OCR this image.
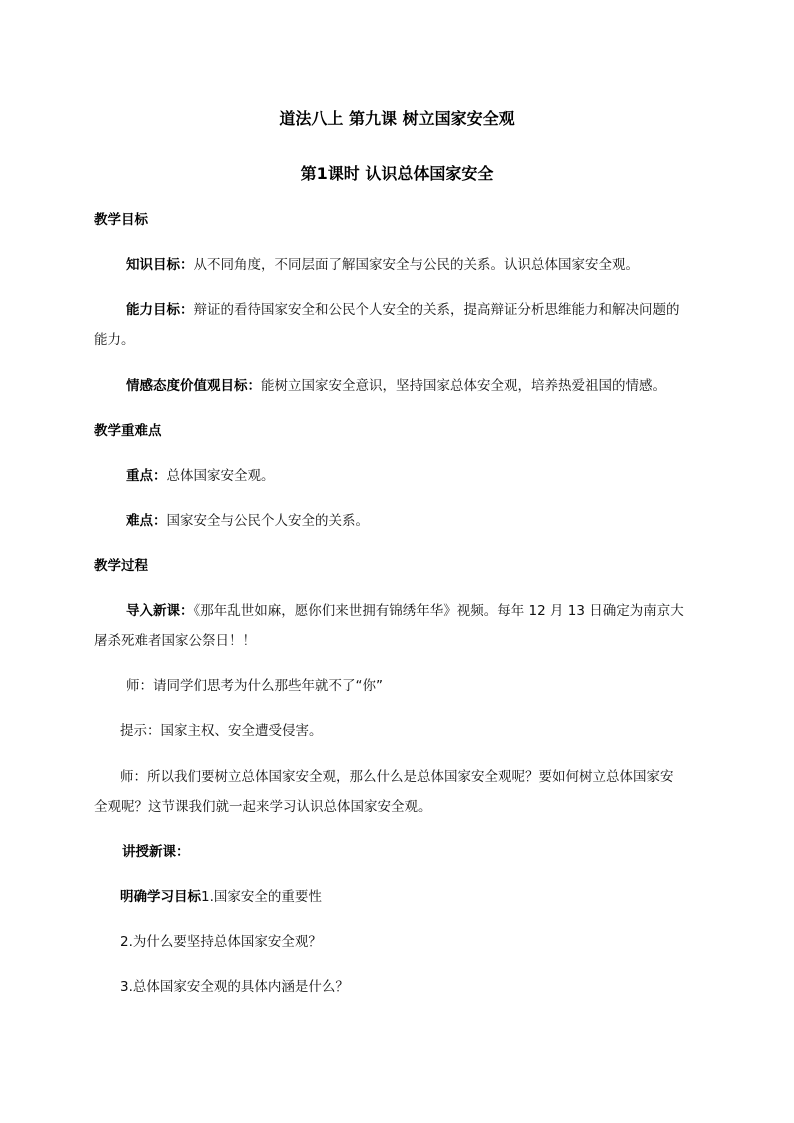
道法八上 第九课 树立国家安全观
第1课时 认识总体国家安全
教学目标
知识目标：从不同角度，不同层面了解国家安全与公民的关系。认识总体国家安全观。
能力目标：辩证的看待国家安全和公民个人安全的关系，提高辩证分析思维能力和解决问题的
能力。
情感态度价值观目标：能树立国家安全意识，坚持国家总体安全观，培养热爱祖国的情感。
教学重难点
重点：总体国家安全观。
难点：国家安全与公民个人安全的关系。
教学过程
导入新课：《那年乱世如麻，愿你们来世拥有锦绣年华》视频。每年 12 月 13 日确定为南京大
屠杀死难者国家公祭日！！
师：请同学们思考为什么那些年就不了“你”
提示：国家主权、安全遭受侵害。
师：所以我们要树立总体国家安全观，那么什么是总体国家安全观呢？要如何树立总体国家安
全观呢？这节课我们就一起来学习认识总体国家安全观。
讲授新课：
明确学习目标1.国家安全的重要性
2.为什么要坚持总体国家安全观？
3.总体国家安全观的具体内涵是什么？
